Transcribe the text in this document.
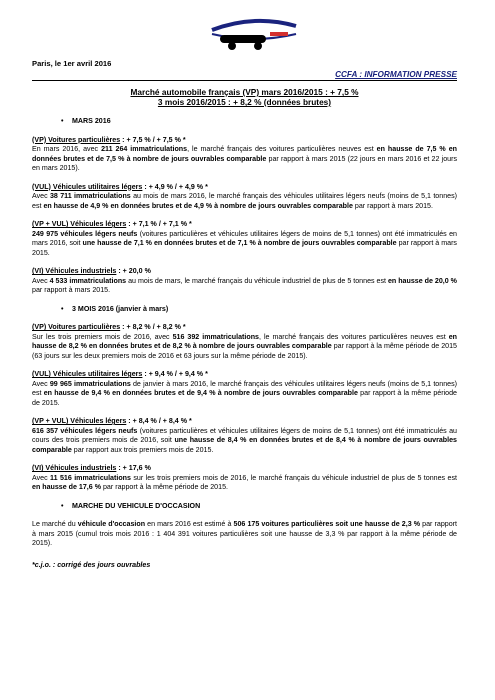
Paris, le 1er avril 2016
CCFA : INFORMATION PRESSE
Marché automobile français (VP) mars 2016/2015 : + 7,5 %
3 mois 2016/2015 : + 8,2 % (données brutes)
• MARS 2016
(VP) Voitures particulières : + 7,5 % / + 7,5 % *
En mars 2016, avec 211 264 immatriculations, le marché français des voitures particulières neuves est en hausse de 7,5 % en données brutes et de 7,5 % à nombre de jours ouvrables comparable par rapport à mars 2015 (22 jours en mars 2016 et 22 jours en mars 2015).
(VUL) Véhicules utilitaires légers : + 4,9 % / + 4,9 % *
Avec 38 711 immatriculations au mois de mars 2016, le marché français des véhicules utilitaires légers neufs (moins de 5,1 tonnes) est en hausse de 4,9 % en données brutes et de 4,9 % à nombre de jours ouvrables comparable par rapport à mars 2015.
(VP + VUL) Véhicules légers : + 7,1 % / + 7,1 % *
249 975 véhicules légers neufs (voitures particulières et véhicules utilitaires légers de moins de 5,1 tonnes) ont été immatriculés en mars 2016, soit une hausse de 7,1 % en données brutes et de 7,1 % à nombre de jours ouvrables comparable par rapport à mars 2015.
(VI) Véhicules industriels : + 20,0 %
Avec 4 533 immatriculations au mois de mars, le marché français du véhicule industriel de plus de 5 tonnes est en hausse de 20,0 % par rapport à mars 2015.
• 3 MOIS 2016 (janvier à mars)
(VP) Voitures particulières : + 8,2 % / + 8,2 % *
Sur les trois premiers mois de 2016, avec 516 392 immatriculations, le marché français des voitures particulières neuves est en hausse de 8,2 % en données brutes et de 8,2 % à nombre de jours ouvrables comparable par rapport à la même période de 2015 (63 jours sur les deux premiers mois de 2016 et 63 jours sur la même période de 2015).
(VUL) Véhicules utilitaires légers : + 9,4 % / + 9,4 % *
Avec 99 965 immatriculations de janvier à mars 2016, le marché français des véhicules utilitaires légers neufs (moins de 5,1 tonnes) est en hausse de 9,4 % en données brutes et de 9,4 % à nombre de jours ouvrables comparable par rapport à la même période de 2015.
(VP + VUL) Véhicules légers : + 8,4 % / + 8,4 % *
616 357 véhicules légers neufs (voitures particulières et véhicules utilitaires légers de moins de 5,1 tonnes) ont été immatriculés au cours des trois premiers mois de 2016, soit une hausse de 8,4 % en données brutes et de 8,4 % à nombre de jours ouvrables comparable par rapport aux trois premiers mois de 2015.
(VI) Véhicules industriels : + 17,6 %
Avec 11 516 immatriculations sur les trois premiers mois de 2016, le marché français du véhicule industriel de plus de 5 tonnes est en hausse de 17,6 % par rapport à la même période de 2015.
• MARCHE DU VEHICULE D'OCCASION
Le marché du véhicule d'occasion en mars 2016 est estimé à 506 175 voitures particulières soit une hausse de 2,3 % par rapport à mars 2015 (cumul trois mois 2016 : 1 404 391 voitures particulières soit une hausse de 3,3 % par rapport à la même période de 2015).
*c.j.o. : corrigé des jours ouvrables
